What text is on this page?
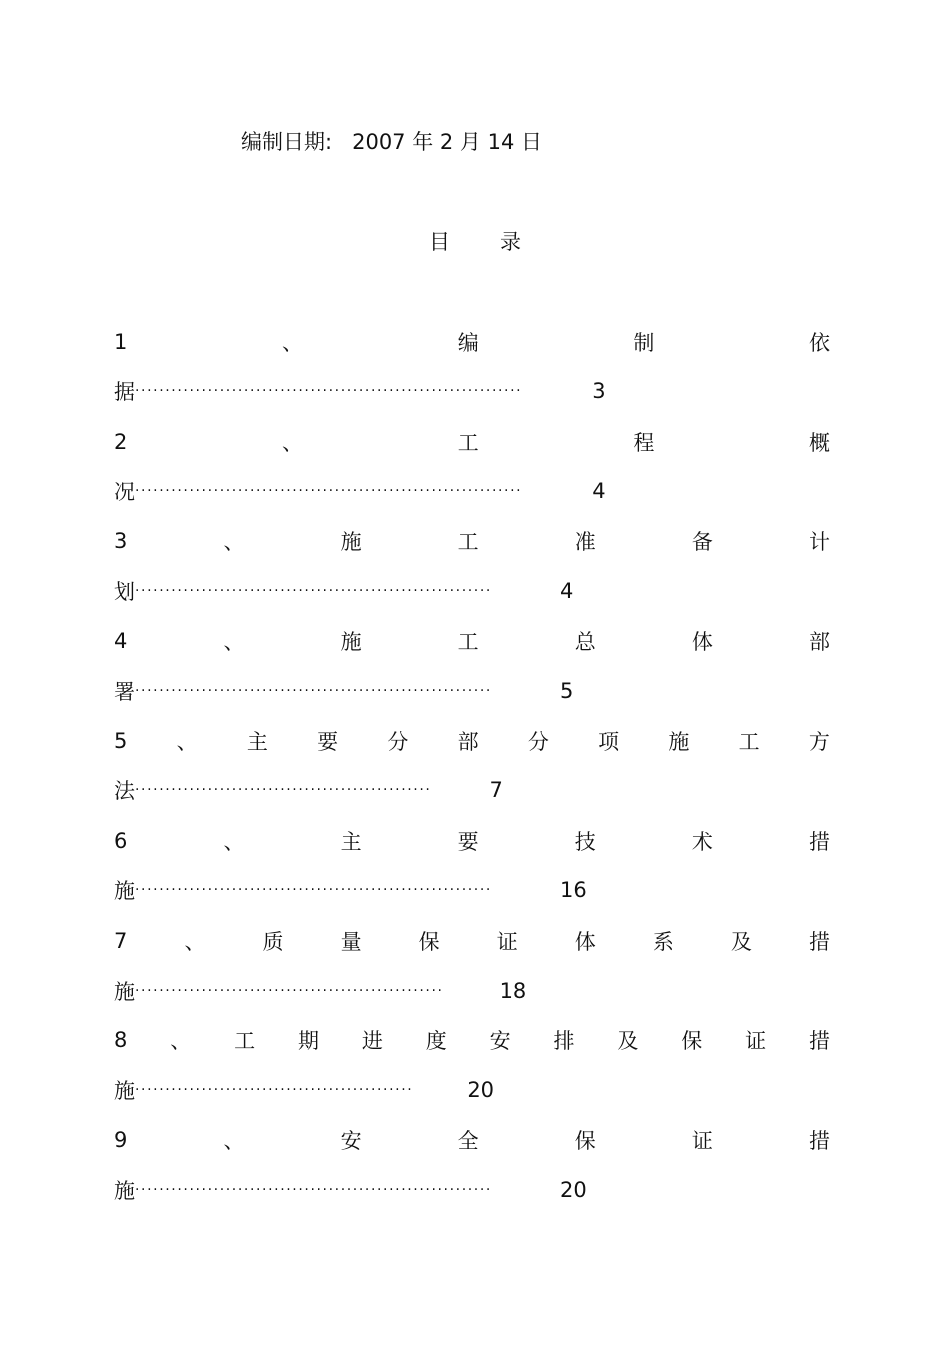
编制日期:   2007 年 2 月 14 日
目录
1	、	编	制	依
据 ································································	3
2	、	工	程	概
况 ································································	4
3	、	施	工	准	备	计
划 ···························································	4
4	、	施	工	总	体	部
署 ···························································	5
5 、 主 要 分 部 分 项 施 工 方
法 ·················································	7
6	、	主	要	技	术	措
施 ···························································	16
7	、	质	量	保	证	体	系	及	措
施 ···················································	18
8 、 工 期 进 度 安 排 及 保 证 措
施 ··············································	20
9	、	安	全	保	证	措
施 ···························································	20
